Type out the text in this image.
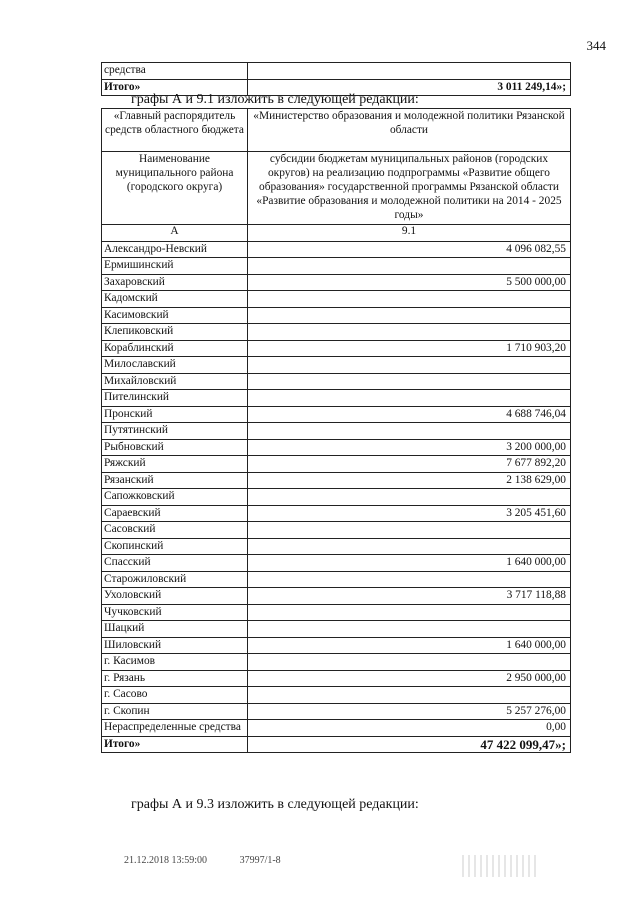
344
средства	
Итого»	3 011 249,14»;
графы А и 9.1 изложить в следующей редакции:
«Главный распорядитель средств областного бюджета	«Министерство образования и молодежной политики Рязанской области
Наименование муниципального района (городского округа)	субсидии бюджетам муниципальных районов (городских округов) на реализацию подпрограммы «Развитие общего образования» государственной программы Рязанской области «Развитие образования и молодежной политики на 2014 - 2025 годы»
А	9.1
Александро-Невский	4 096 082,55
Ермишинский	
Захаровский	5 500 000,00
Кадомский	
Касимовский	
Клепиковский	
Кораблинский	1 710 903,20
Милославский	
Михайловский	
Пителинский	
Пронский	4 688 746,04
Путятинский	
Рыбновский	3 200 000,00
Ряжский	7 677 892,20
Рязанский	2 138 629,00
Сапожковский	
Сараевский	3 205 451,60
Сасовский	
Скопинский	
Спасский	1 640 000,00
Старожиловский	
Ухоловский	3 717 118,88
Чучковский	
Шацкий	
Шиловский	1 640 000,00
г. Касимов	
г. Рязань	2 950 000,00
г. Сасово	
г. Скопин	5 257 276,00
Нераспределенные средства	0,00
Итого»	47 422 099,47»;
графы А и 9.3 изложить в следующей редакции:
21.12.2018 13:59:00	37997/1-8
